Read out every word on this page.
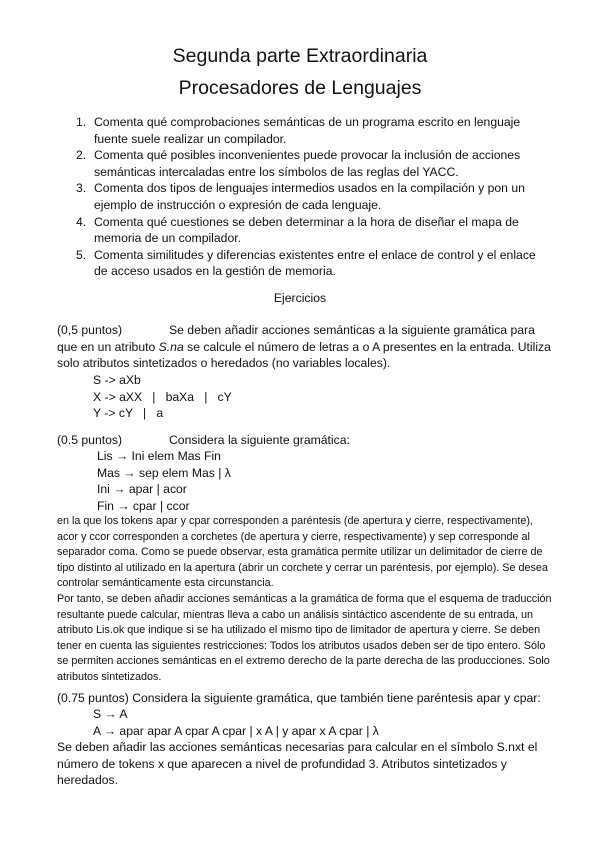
Segunda parte Extraordinaria
Procesadores de Lenguajes
1. Comenta qué comprobaciones semánticas de un programa escrito en lenguaje fuente suele realizar un compilador.
2. Comenta qué posibles inconvenientes puede provocar la inclusión de acciones semánticas intercaladas entre los símbolos de las reglas del YACC.
3. Comenta dos tipos de lenguajes intermedios usados en la compilación y pon un ejemplo de instrucción o expresión de cada lenguaje.
4. Comenta qué cuestiones se deben determinar a la hora de diseñar el mapa de memoria de un compilador.
5. Comenta similitudes y diferencias existentes entre el enlace de control y el enlace de acceso usados en la gestión de memoria.
Ejercicios
(0,5 puntos)	Se deben añadir acciones semánticas a la siguiente gramática para que en un atributo S.na se calcule el número de letras a o A presentes en la entrada. Utiliza solo atributos sintetizados o heredados (no variables locales).
S -> aXb
X -> aXX   |   baXa   |   cY
Y -> cY   |   a
(0.5 puntos)	Considera la siguiente gramática:
Lis → Ini elem Mas Fin
Mas → sep elem Mas | λ
Ini → apar | acor
Fin → cpar | ccor
en la que los tokens apar y cpar corresponden a paréntesis (de apertura y cierre, respectivamente), acor y ccor corresponden a corchetes (de apertura y cierre, respectivamente) y sep corresponde al separador coma. Como se puede observar, esta gramática permite utilizar un delimitador de cierre de tipo distinto al utilizado en la apertura (abrir un corchete y cerrar un paréntesis, por ejemplo). Se desea controlar semánticamente esta circunstancia.
Por tanto, se deben añadir acciones semánticas a la gramática de forma que el esquema de traducción resultante puede calcular, mientras lleva a cabo un análisis sintáctico ascendente de su entrada, un atributo Lis.ok que indique si se ha utilizado el mismo tipo de limitador de apertura y cierre. Se deben tener en cuenta las siguientes restricciones: Todos los atributos usados deben ser de tipo entero. Sólo se permiten acciones semánticas en el extremo derecho de la parte derecha de las producciones. Solo atributos sintetizados.
(0.75 puntos) Considera la siguiente gramática, que también tiene paréntesis apar y cpar:
S → A
A → apar apar A cpar A cpar | x A | y apar x A cpar | λ
Se deben añadir las acciones semánticas necesarias para calcular en el símbolo S.nxt el número de tokens x que aparecen a nivel de profundidad 3. Atributos sintetizados y heredados.
